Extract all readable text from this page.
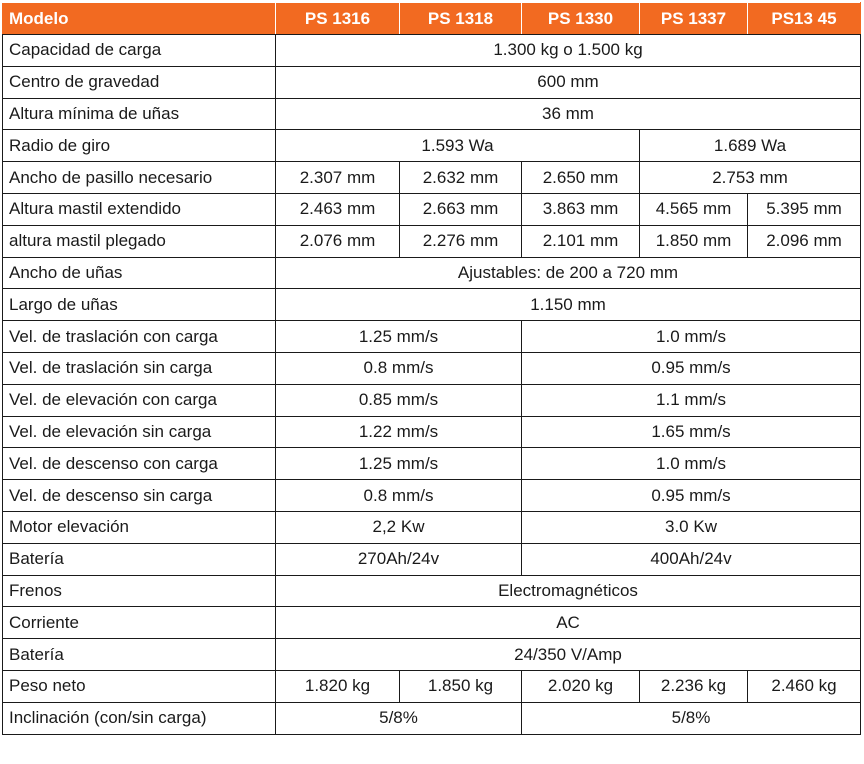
Modelo	PS 1316	PS 1318	PS 1330	PS 1337	PS13 45
Capacidad de carga	1.300 kg o 1.500 kg				
Centro de gravedad	600 mm				
Altura mínima de uñas	36 mm				
Radio de giro	1.593 Wa			1.689 Wa	
Ancho de pasillo necesario	2.307 mm	2.632 mm	2.650 mm	2.753 mm	
Altura mastil extendido	2.463 mm	2.663 mm	3.863 mm	4.565 mm	5.395 mm
altura mastil plegado	2.076 mm	2.276 mm	2.101 mm	1.850 mm	2.096 mm
Ancho de uñas	Ajustables: de 200 a 720 mm				
Largo de uñas	1.150 mm				
Vel. de traslación con carga	1.25 mm/s		1.0 mm/s		
Vel. de traslación sin carga	0.8 mm/s		0.95 mm/s		
Vel. de elevación con carga	0.85 mm/s		1.1 mm/s		
Vel. de elevación sin carga	1.22 mm/s		1.65 mm/s		
Vel. de descenso con carga	1.25 mm/s		1.0 mm/s		
Vel. de descenso sin carga	0.8 mm/s		0.95 mm/s		
Motor elevación	2,2 Kw		3.0 Kw		
Batería	270Ah/24v		400Ah/24v		
Frenos	Electromagnéticos				
Corriente	AC				
Batería	24/350 V/Amp				
Peso neto	1.820 kg	1.850 kg	2.020 kg	2.236 kg	2.460 kg
Inclinación (con/sin carga)	5/8%		5/8%		
